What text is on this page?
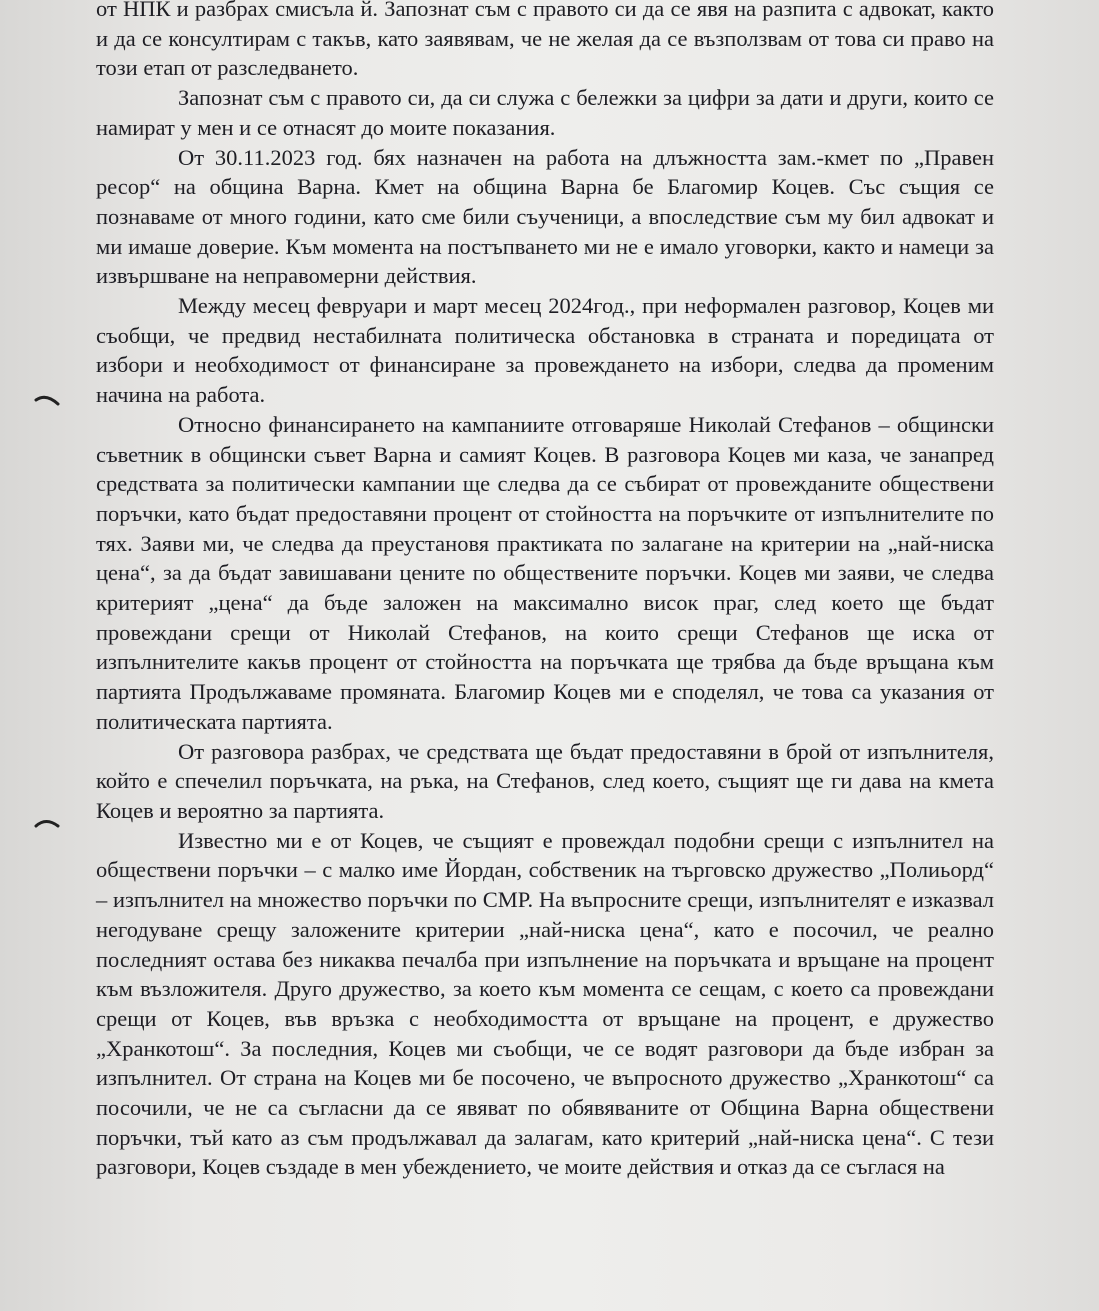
от НПК и разбрах смисъла й. Запознат съм с правото си да се явя на разпита с адвокат, както и да се консултирам с такъв, като заявявам, че не желая да се възползвам от това си право на този етап от разследването.

Запознат съм с правото си, да си служа с бележки за цифри за дати и други, които се намират у мен и се отнасят до моите показания.

От 30.11.2023 год. бях назначен на работа на длъжността зам.-кмет по „Правен ресор“ на община Варна. Кмет на община Варна бе Благомир Коцев. Със същия се познаваме от много години, като сме били съученици, а впоследствие съм му бил адвокат и ми имаше доверие. Към момента на постъпването ми не е имало уговорки, както и намеци за извършване на неправомерни действия.

Между месец февруари и март месец 2024год., при неформален разговор, Коцев ми съобщи, че предвид нестабилната политическа обстановка в страната и поредицата от избори и необходимост от финансиране за провеждането на избори, следва да променим начина на работа.

Относно финансирането на кампаниите отговаряше Николай Стефанов – общински съветник в общински съвет Варна и самият Коцев. В разговора Коцев ми каза, че занапред средствата за политически кампании ще следва да се събират от провежданите обществени поръчки, като бъдат предоставяни процент от стойността на поръчките от изпълнителите по тях. Заяви ми, че следва да преустановя практиката по залагане на критерии на „най-ниска цена“, за да бъдат завишавани цените по обществените поръчки. Коцев ми заяви, че следва критерият „цена“ да бъде заложен на максимално висок праг, след което ще бъдат провеждани срещи от Николай Стефанов, на които срещи Стефанов ще иска от изпълнителите какъв процент от стойността на поръчката ще трябва да бъде връщана към партията Продължаваме промяната. Благомир Коцев ми е споделял, че това са указания от политическата партията.

От разговора разбрах, че средствата ще бъдат предоставяни в брой от изпълнителя, който е спечелил поръчката, на ръка, на Стефанов, след което, същият ще ги дава на кмета Коцев и вероятно за партията.

Известно ми е от Коцев, че същият е провеждал подобни срещи с изпълнител на обществени поръчки – с малко име Йордан, собственик на търговско дружество „Полиьорд“ – изпълнител на множество поръчки по СМР. На въпросните срещи, изпълнителят е изказвал негодуване срещу заложените критерии „най-ниска цена“, като е посочил, че реално последният остава без никаква печалба при изпълнение на поръчката и връщане на процент към възложителя. Друго дружество, за което към момента се сещам, с което са провеждани срещи от Коцев, във връзка с необходимостта от връщане на процент, е дружество „Хранкотош“. За последния, Коцев ми съобщи, че се водят разговори да бъде избран за изпълнител. От страна на Коцев ми бе посочено, че въпросното дружество „Хранкотош“ са посочили, че не са съгласни да се явяват по обявяваните от Община Варна обществени поръчки, тъй като аз съм продължавал да залагам, като критерий „най-ниска цена“. С тези разговори, Коцев създаде в мен убеждението, че моите действия и отказ да се съглася на
